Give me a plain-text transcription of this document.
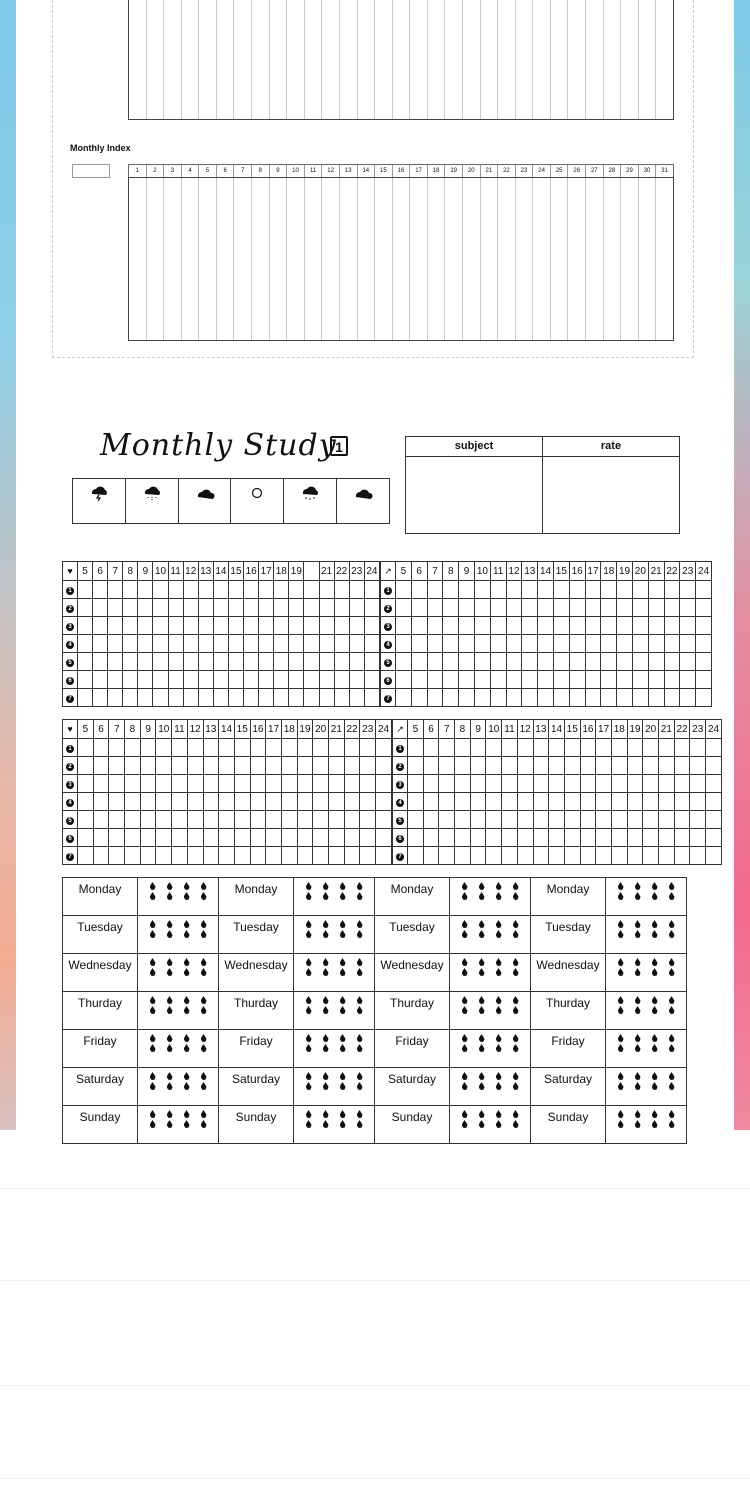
Monthly Index
1	2	3	4	5	6	7	8	9	10	11	12	13	14	15	16	17	18	19	20	21	22	23	24	25	26	27	28	29	30	31
Monthly Study
1	subject	rate
♥	5	6	7	8	9	10	11	12	13	14	15	16	17	18	19		21	22	23	24
1																				
2																				
3																				
4																				
5																				
6																				
7																				
↗	5	6	7	8	9	10	11	12	13	14	15	16	17	18	19	20	21	22	23	24
1																				
2																				
3																				
4																				
5																				
6																				
7																				
♥	5	6	7	8	9	10	11	12	13	14	15	16	17	18	19	20	21	22	23	24
1																				
2																				
3																				
4																				
5																				
6																				
7																				
↗	5	6	7	8	9	10	11	12	13	14	15	16	17	18	19	20	21	22	23	24
1																				
2																				
3																				
4																				
5																				
6																				
7																				
Monday		Monday		Monday		Monday	

Tuesday		Tuesday		Tuesday		Tuesday	

Wednesday		Wednesday		Wednesday		Wednesday	

Thurday		Thurday		Thurday		Thurday	

Friday		Friday		Friday		Friday	

Saturday		Saturday		Saturday		Saturday	

Sunday		Sunday		Sunday		Sunday	
